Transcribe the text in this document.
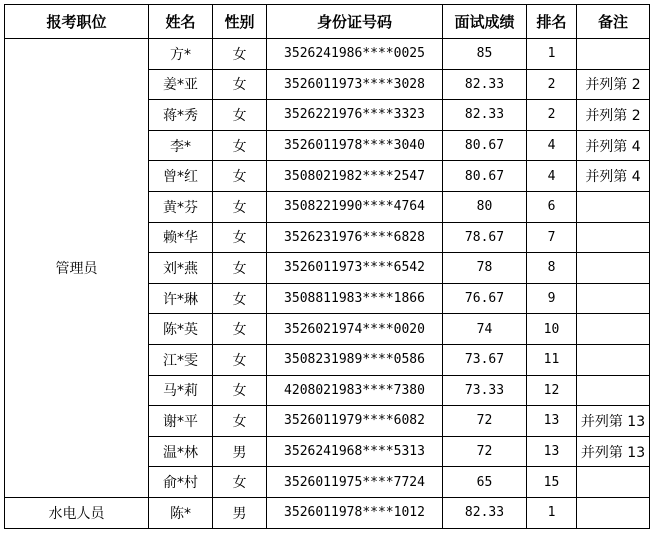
报考职位	姓名	性别	身份证号码	面试成绩	排名	备注
管理员	方*	女	3526241986****0025	85	1	
	姜*亚	女	3526011973****3028	82.33	2	并列第 2
	蒋*秀	女	3526221976****3323	82.33	2	并列第 2
	李*	女	3526011978****3040	80.67	4	并列第 4
	曾*红	女	3508021982****2547	80.67	4	并列第 4
	黄*芬	女	3508221990****4764	80	6	
	赖*华	女	3526231976****6828	78.67	7	
	刘*燕	女	3526011973****6542	78	8	
	许*琳	女	3508811983****1866	76.67	9	
	陈*英	女	3526021974****0020	74	10	
	江*雯	女	3508231989****0586	73.67	11	
	马*莉	女	4208021983****7380	73.33	12	
	谢*平	女	3526011979****6082	72	13	并列第 13
	温*林	男	3526241968****5313	72	13	并列第 13
	俞*村	女	3526011975****7724	65	15	
水电人员	陈*	男	3526011978****1012	82.33	1	
